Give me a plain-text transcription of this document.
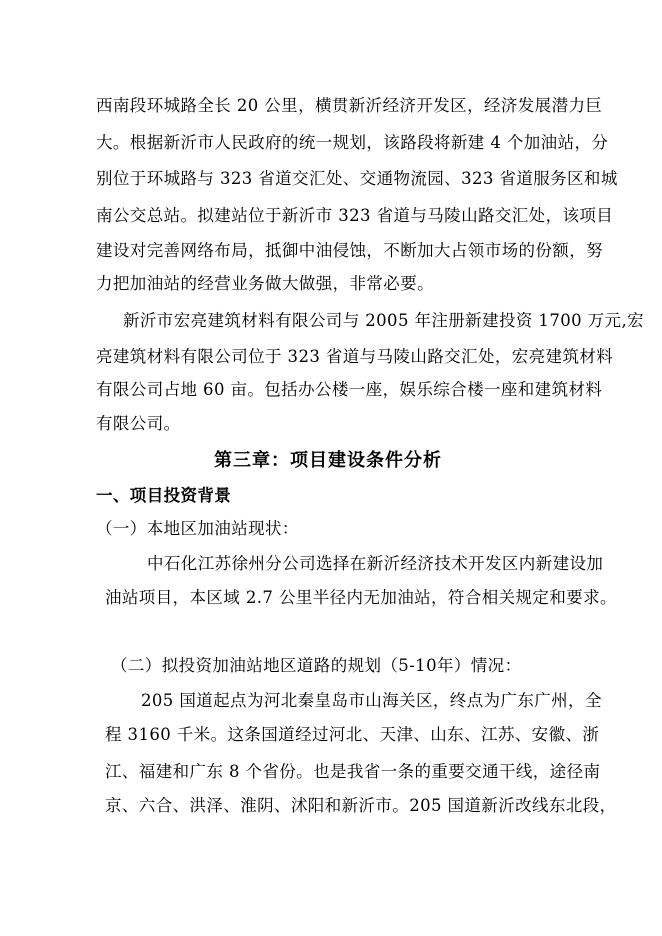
西南段环城路全长 20 公里，横贯新沂经济开发区，经济发展潜力巨
大。根据新沂市人民政府的统一规划，该路段将新建 4 个加油站，分
别位于环城路与 323 省道交汇处、交通物流园、323 省道服务区和城
南公交总站。拟建站位于新沂市 323 省道与马陵山路交汇处，该项目
建设对完善网络布局，抵御中油侵蚀，不断加大占领市场的份额，努
力把加油站的经营业务做大做强，非常必要。
新沂市宏亮建筑材料有限公司与 2005 年注册新建投资 1700 万元,宏
亮建筑材料有限公司位于 323 省道与马陵山路交汇处，宏亮建筑材料
有限公司占地 60 亩。包括办公楼一座，娱乐综合楼一座和建筑材料
有限公司。
第三章：项目建设条件分析
一、项目投资背景
（一）本地区加油站现状：
中石化江苏徐州分公司选择在新沂经济技术开发区内新建设加
油站项目，本区域 2.7 公里半径内无加油站，符合相关规定和要求。
（二）拟投资加油站地区道路的规划（5-10年）情况：
205 国道起点为河北秦皇岛市山海关区，终点为广东广州，全
程 3160 千米。这条国道经过河北、天津、山东、江苏、安徽、浙
江、福建和广东 8 个省份。也是我省一条的重要交通干线，途径南
京、六合、洪泽、淮阴、沭阳和新沂市。205 国道新沂改线东北段，
